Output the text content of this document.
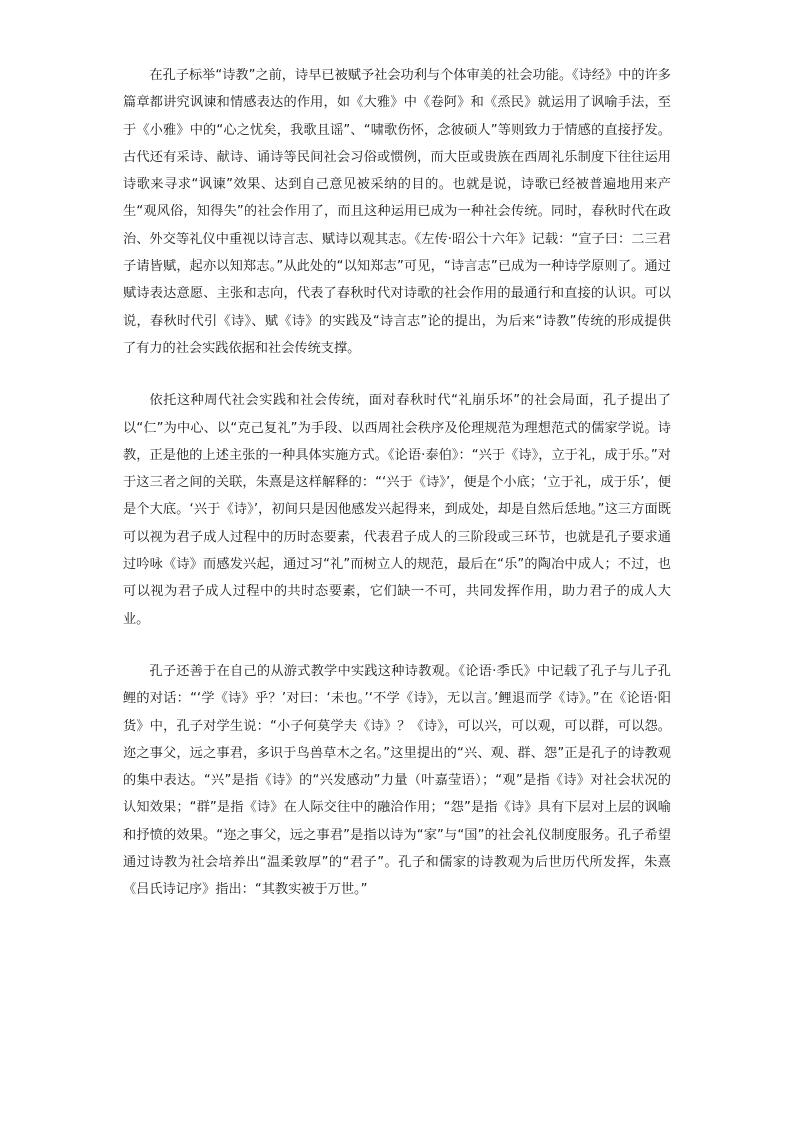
在孔子标举“诗教”之前，诗早已被赋予社会功利与个体审美的社会功能。《诗经》中的许多篇章都讲究讽谏和情感表达的作用，如《大雅》中《卷阿》和《烝民》就运用了讽喻手法，至于《小雅》中的“心之忧矣，我歌且谣”、“啸歌伤怀，念彼硕人”等则致力于情感的直接抒发。古代还有采诗、献诗、诵诗等民间社会习俗或惯例，而大臣或贵族在西周礼乐制度下往往运用诗歌来寻求“讽谏”效果、达到自己意见被采纳的目的。也就是说，诗歌已经被普遍地用来产生“观风俗，知得失”的社会作用了，而且这种运用已成为一种社会传统。同时，春秋时代在政治、外交等礼仪中重视以诗言志、赋诗以观其志。《左传·昭公十六年》记载：“宣子曰：二三君子请皆赋，起亦以知郑志。”从此处的“以知郑志”可见，“诗言志”已成为一种诗学原则了。通过赋诗表达意愿、主张和志向，代表了春秋时代对诗歌的社会作用的最通行和直接的认识。可以说，春秋时代引《诗》、赋《诗》的实践及“诗言志”论的提出，为后来“诗教”传统的形成提供了有力的社会实践依据和社会传统支撑。

依托这种周代社会实践和社会传统，面对春秋时代“礼崩乐坏”的社会局面，孔子提出了以“仁”为中心、以“克己复礼”为手段、以西周社会秩序及伦理规范为理想范式的儒家学说。诗教，正是他的上述主张的一种具体实施方式。《论语·泰伯》：“兴于《诗》，立于礼，成于乐。”对于这三者之间的关联，朱熹是这样解释的：“‘兴于《诗》’，便是个小底；‘立于礼，成于乐’，便是个大底。‘兴于《诗》’，初间只是因他感发兴起得来，到成处，却是自然后恁地。”这三方面既可以视为君子成人过程中的历时态要素，代表君子成人的三阶段或三环节，也就是孔子要求通过吟咏《诗》而感发兴起，通过习“礼”而树立人的规范，最后在“乐”的陶冶中成人；不过，也可以视为君子成人过程中的共时态要素，它们缺一不可，共同发挥作用，助力君子的成人大业。

孔子还善于在自己的从游式教学中实践这种诗教观。《论语·季氏》中记载了孔子与儿子孔鲤的对话：“‘学《诗》乎？’对曰：‘未也。’‘不学《诗》，无以言。’鲤退而学《诗》。”在《论语·阳货》中，孔子对学生说：“小子何莫学夫《诗》？《诗》，可以兴，可以观，可以群，可以怨。迩之事父，远之事君，多识于鸟兽草木之名。”这里提出的“兴、观、群、怨”正是孔子的诗教观的集中表达。“兴”是指《诗》的“兴发感动”力量（叶嘉莹语）；“观”是指《诗》对社会状况的认知效果；“群”是指《诗》在人际交往中的融洽作用；“怨”是指《诗》具有下层对上层的讽喻和抒愤的效果。“迩之事父，远之事君”是指以诗为“家”与“国”的社会礼仪制度服务。孔子希望通过诗教为社会培养出“温柔敦厚”的“君子”。孔子和儒家的诗教观为后世历代所发挥，朱熹《吕氏诗记序》指出：“其教实被于万世。”
